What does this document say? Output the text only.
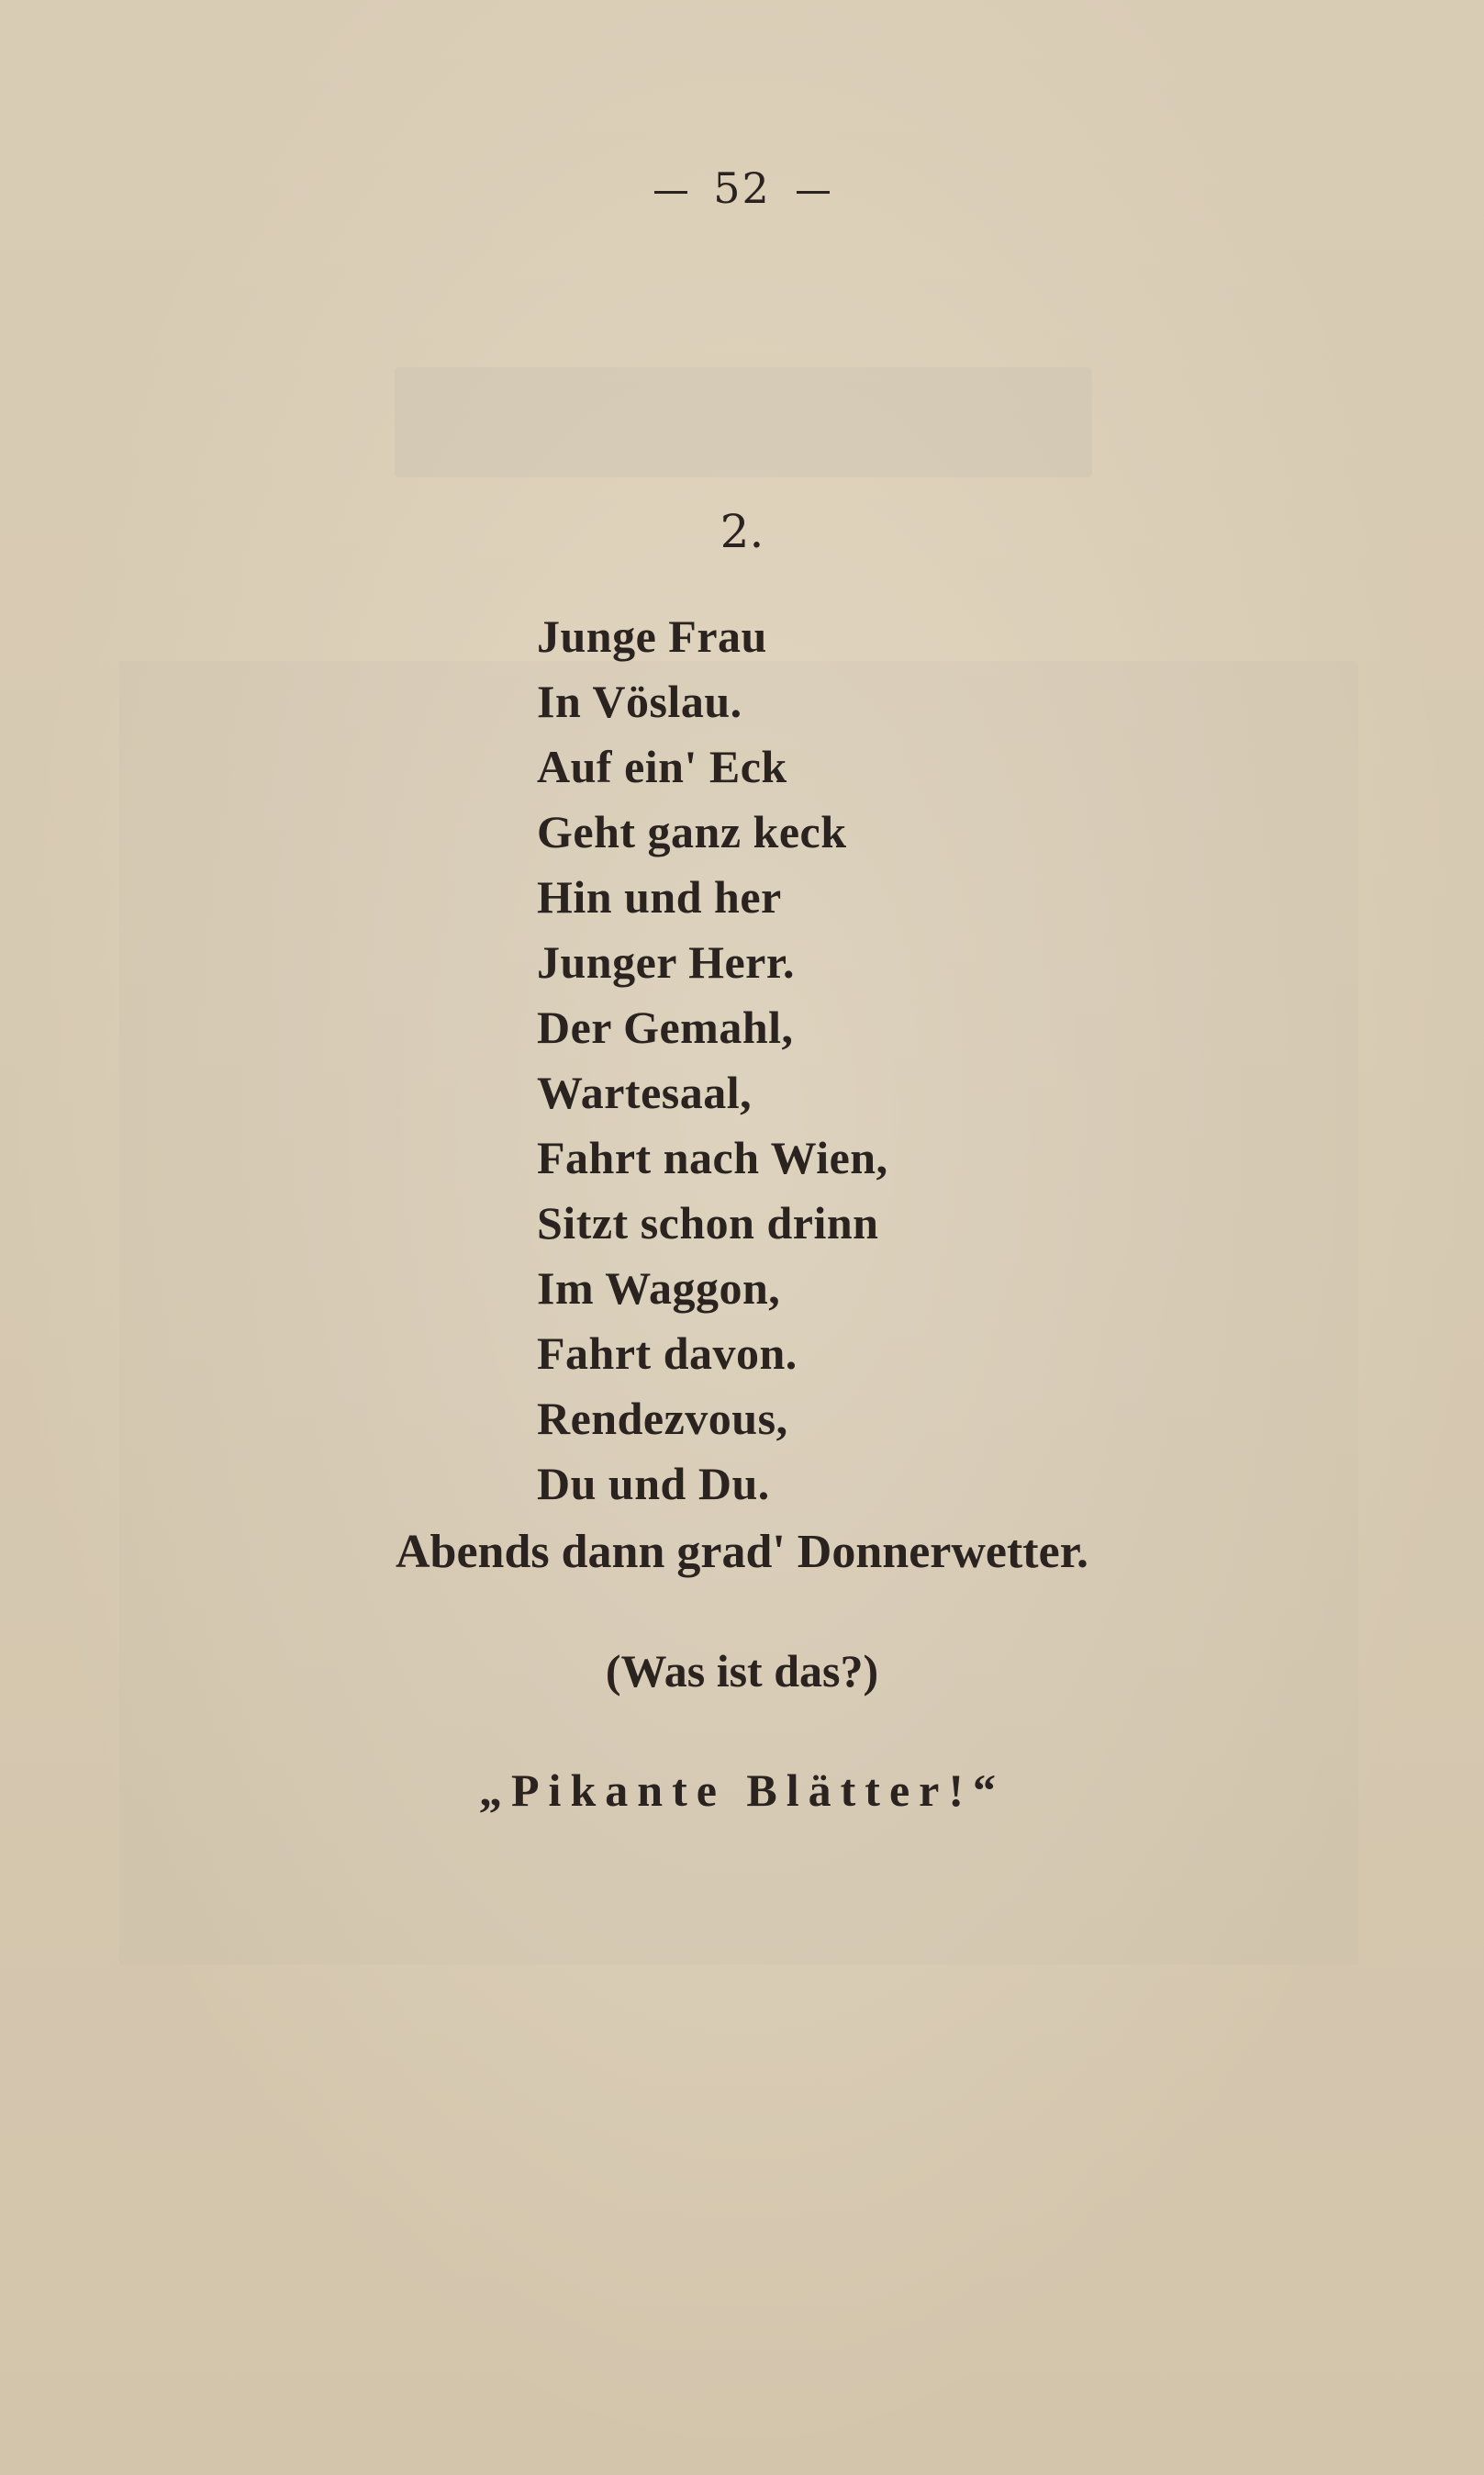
52
2.
Junge Frau
In Vöslau.
Auf ein' Eck
Geht ganz keck
Hin und her
Junger Herr.
Der Gemahl,
Wartesaal,
Fahrt nach Wien,
Sitzt schon drinn
Im Waggon,
Fahrt davon.
Rendezvous,
Du und Du.
Abends dann grad' Donnerwetter.
(Was ist das?)
„Pikante Blätter!“
